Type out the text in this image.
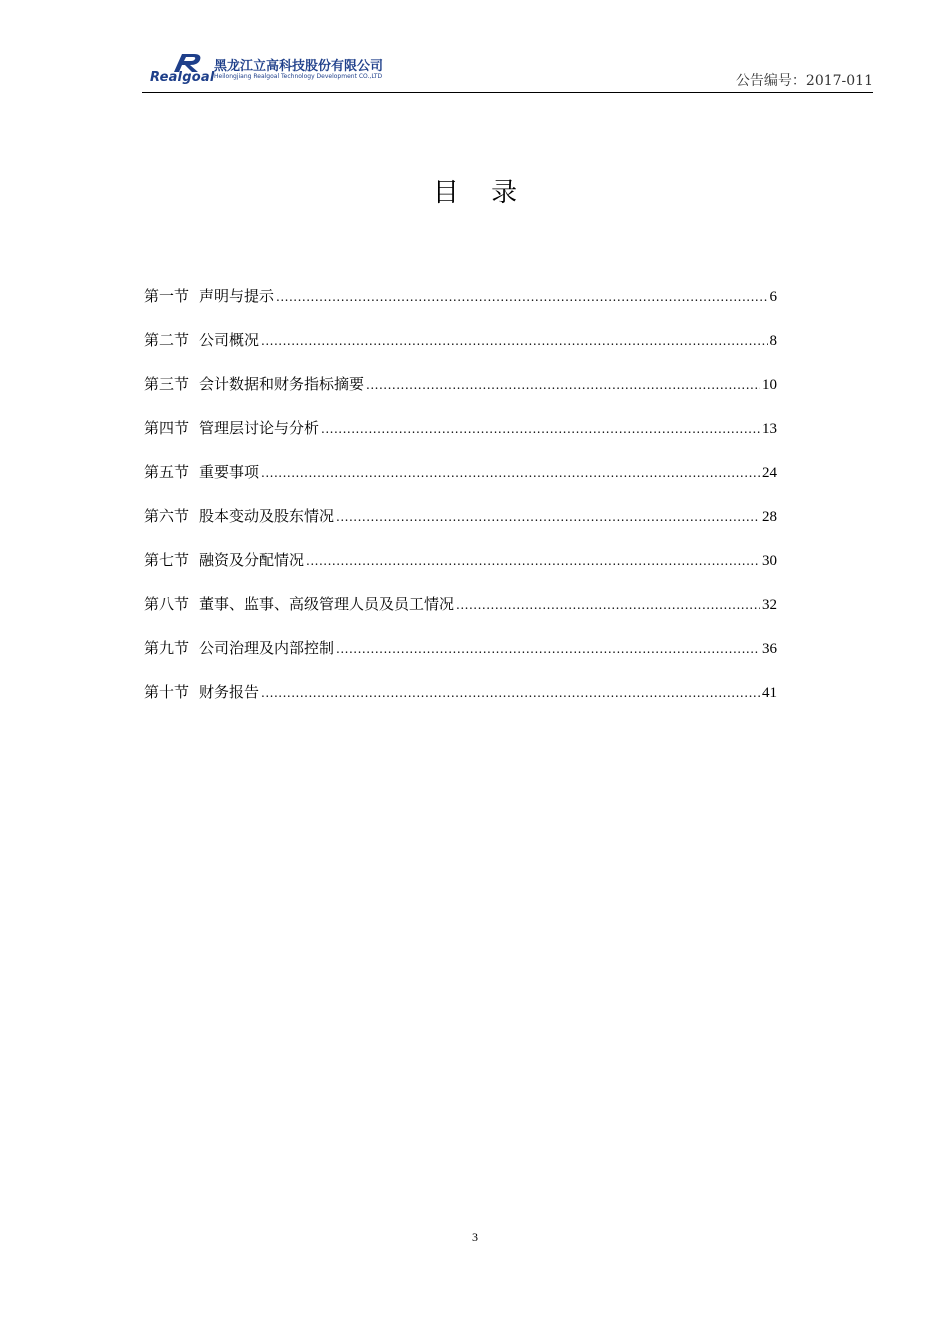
Realgoal
黑龙江立高科技股份有限公司
Heilongjiang Realgoal Technology Development CO.,LTD	公告编号：2017-011
目 录
第一节 声明与提示 .....	6
第二节 公司概况 .....	8
第三节 会计数据和财务指标摘要 .....	10
第四节 管理层讨论与分析 .....	13
第五节 重要事项 .....	24
第六节 股本变动及股东情况 .....	28
第七节 融资及分配情况 .....	30
第八节 董事、监事、高级管理人员及员工情况 .....	32
第九节 公司治理及内部控制 .....	36
第十节 财务报告 .....	41
3
